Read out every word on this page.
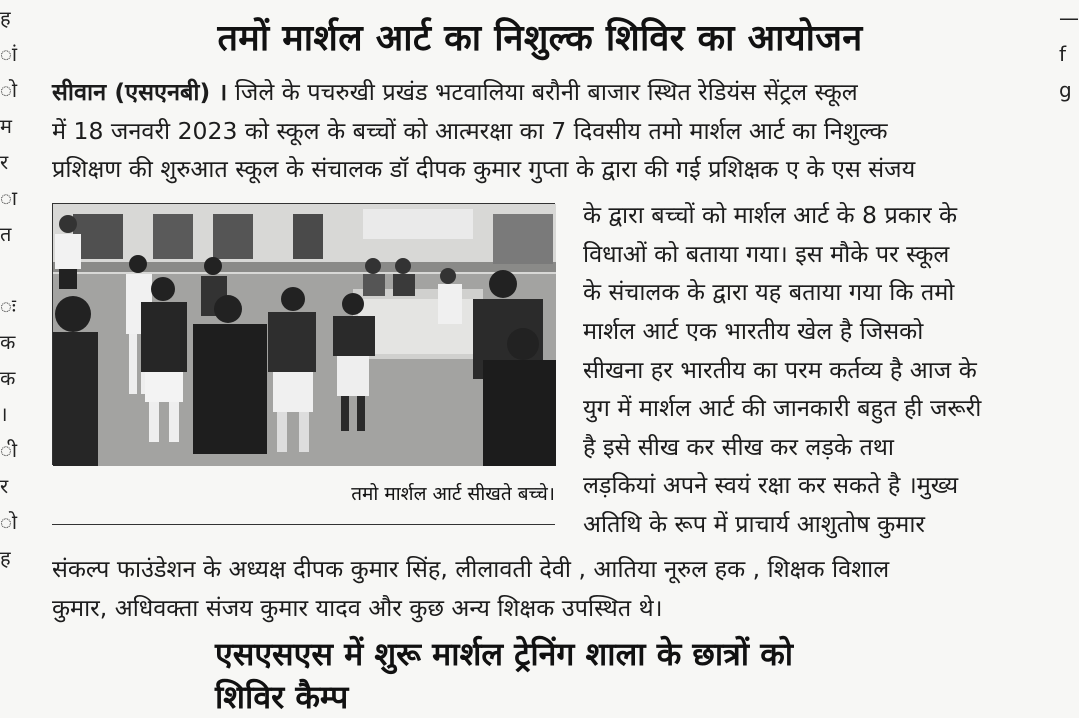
ह
ां
ो
म
र
ा
त

ः
क
क
।
ी
र
ो
ह
—
f
g

तमों मार्शल आर्ट का निशुल्क शिविर का आयोजन
सीवान (एसएनबी) । जिले के पचरुखी प्रखंड भटवालिया बरौनी बाजार स्थित रेडियंस सेंट्रल स्कूल
में 18 जनवरी 2023 को स्कूल के बच्चों को आत्मरक्षा का 7 दिवसीय तमो मार्शल आर्ट का निशुल्क
प्रशिक्षण की शुरुआत स्कूल के संचालक डॉ दीपक कुमार गुप्ता के द्वारा की गई प्रशिक्षक ए के एस संजय
के द्वारा बच्चों को मार्शल आर्ट के 8 प्रकार के
विधाओं को बताया गया। इस मौके पर स्कूल
के संचालक के द्वारा यह बताया गया कि तमो
मार्शल आर्ट एक भारतीय खेल है जिसको
सीखना हर भारतीय का परम कर्तव्य है आज के
युग में मार्शल आर्ट की जानकारी बहुत ही जरूरी
है इसे सीख कर सीख कर लड़के तथा
लड़कियां अपने स्वयं रक्षा कर सकते है ।मुख्य
अतिथि के रूप में प्राचार्य आशुतोष कुमार
तमो मार्शल आर्ट सीखते बच्चे।
संकल्प फाउंडेशन के अध्यक्ष दीपक कुमार सिंह, लीलावती देवी , आतिया नूरुल हक , शिक्षक विशाल
कुमार, अधिवक्ता संजय कुमार यादव और कुछ अन्य शिक्षक उपस्थित थे।
एसएसएस में शुरू मार्शल ट्रेनिंग शाला के छात्रों को शिविर कैम्प
